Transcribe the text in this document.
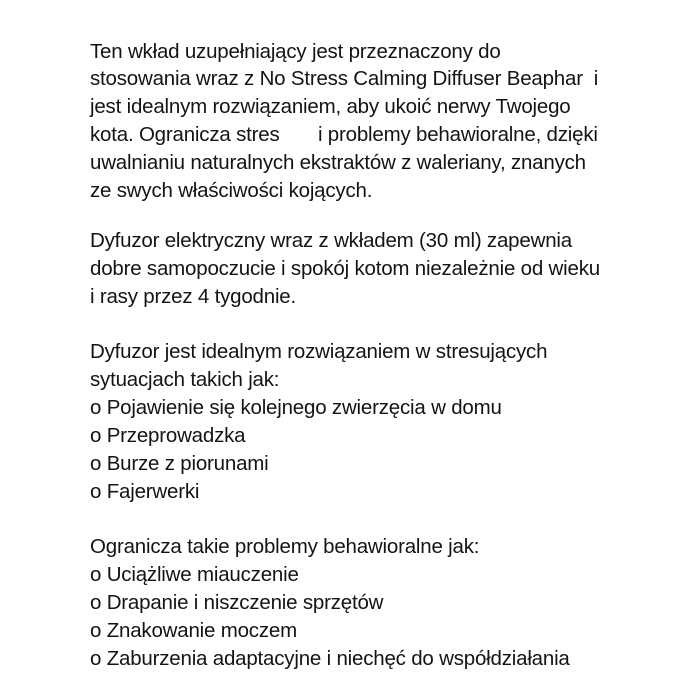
Ten wkład uzupełniający jest przeznaczony do
stosowania wraz z No Stress Calming Diffuser Beaphar  i
jest idealnym rozwiązaniem, aby ukoić nerwy Twojego
kota. Ogranicza stres       i problemy behawioralne, dzięki
uwalnianiu naturalnych ekstraktów z waleriany, znanych
ze swych właściwości kojących.
Dyfuzor elektryczny wraz z wkładem (30 ml) zapewnia
dobre samopoczucie i spokój kotom niezależnie od wieku
i rasy przez 4 tygodnie.
Dyfuzor jest idealnym rozwiązaniem w stresujących
sytuacjach takich jak:
o Pojawienie się kolejnego zwierzęcia w domu
o Przeprowadzka
o Burze z piorunami
o Fajerwerki
Ogranicza takie problemy behawioralne jak:
o Uciążliwe miauczenie
o Drapanie i niszczenie sprzętów
o Znakowanie moczem
o Zaburzenia adaptacyjne i niechęć do współdziałania
